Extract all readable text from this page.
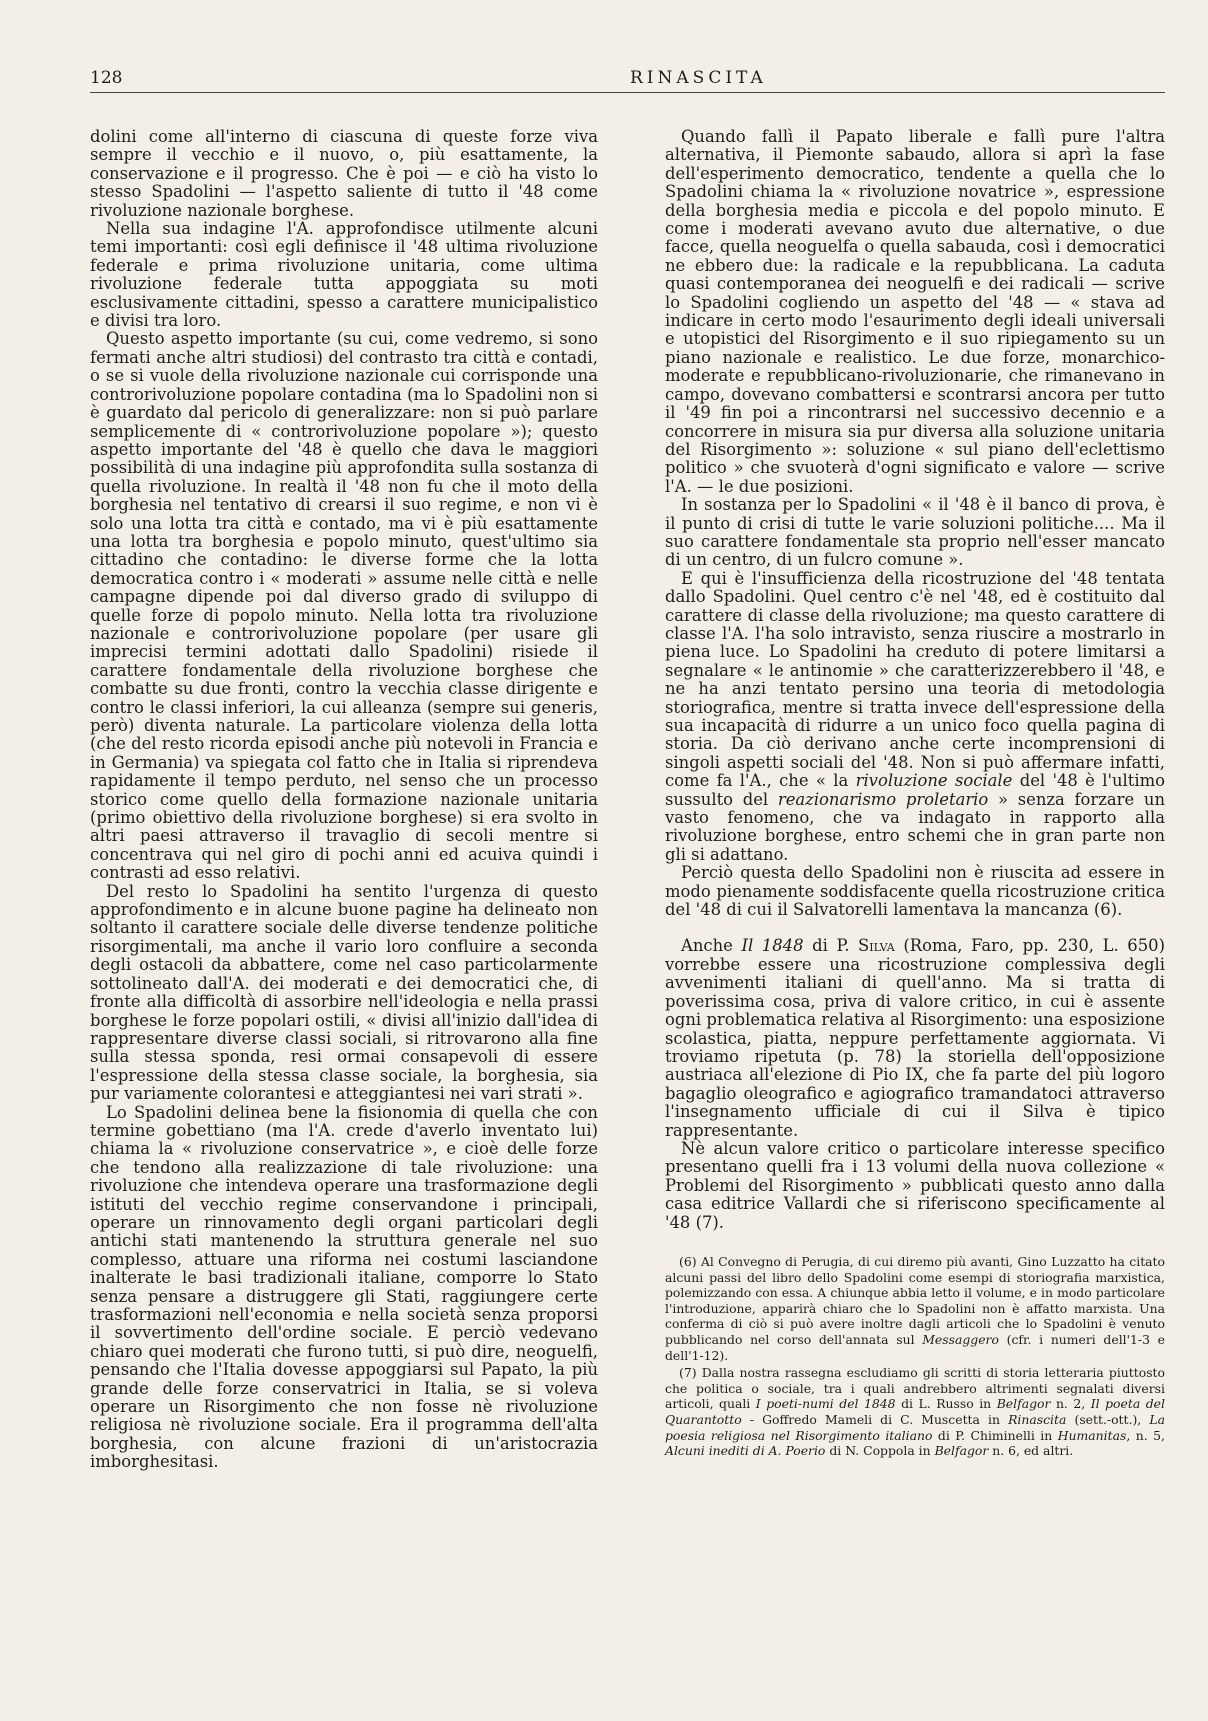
128	RINASCITA

dolini come all'interno di ciascuna di queste forze viva sempre il vecchio e il nuovo, o, più esattamente, la conservazione e il progresso. Che è poi — e ciò ha visto lo stesso Spadolini — l'aspetto saliente di tutto il '48 come rivoluzione nazionale borghese.

Nella sua indagine l'A. approfondisce utilmente alcuni temi importanti: così egli definisce il '48 ultima rivoluzione federale e prima rivoluzione unitaria, come ultima rivoluzione federale tutta appoggiata su moti esclusivamente cittadini, spesso a carattere municipalistico e divisi tra loro.

Questo aspetto importante (su cui, come vedremo, si sono fermati anche altri studiosi) del contrasto tra città e contadi, o se si vuole della rivoluzione nazionale cui corrisponde una controrivoluzione popolare contadina (ma lo Spadolini non si è guardato dal pericolo di generalizzare: non si può parlare semplicemente di « controrivoluzione popolare »); questo aspetto importante del '48 è quello che dava le maggiori possibilità di una indagine più approfondita sulla sostanza di quella rivoluzione. In realtà il '48 non fu che il moto della borghesia nel tentativo di crearsi il suo regime, e non vi è solo una lotta tra città e contado, ma vi è più esattamente una lotta tra borghesia e popolo minuto, quest'ultimo sia cittadino che contadino: le diverse forme che la lotta democratica contro i « moderati » assume nelle città e nelle campagne dipende poi dal diverso grado di sviluppo di quelle forze di popolo minuto. Nella lotta tra rivoluzione nazionale e controrivoluzione popolare (per usare gli imprecisi termini adottati dallo Spadolini) risiede il carattere fondamentale della rivoluzione borghese che combatte su due fronti, contro la vecchia classe dirigente e contro le classi inferiori, la cui alleanza (sempre sui generis, però) diventa naturale. La particolare violenza della lotta (che del resto ricorda episodi anche più notevoli in Francia e in Germania) va spiegata col fatto che in Italia si riprendeva rapidamente il tempo perduto, nel senso che un processo storico come quello della formazione nazionale unitaria (primo obiettivo della rivoluzione borghese) si era svolto in altri paesi attraverso il travaglio di secoli mentre si concentrava qui nel giro di pochi anni ed acuiva quindi i contrasti ad esso relativi.

Del resto lo Spadolini ha sentito l'urgenza di questo approfondimento e in alcune buone pagine ha delineato non soltanto il carattere sociale delle diverse tendenze politiche risorgimentali, ma anche il vario loro confluire a seconda degli ostacoli da abbattere, come nel caso particolarmente sottolineato dall'A. dei moderati e dei democratici che, di fronte alla difficoltà di assorbire nell'ideologia e nella prassi borghese le forze popolari ostili, « divisi all'inizio dall'idea di rappresentare diverse classi sociali, si ritrovarono alla fine sulla stessa sponda, resi ormai consapevoli di essere l'espressione della stessa classe sociale, la borghesia, sia pur variamente colorantesi e atteggiantesi nei vari strati ».

Lo Spadolini delinea bene la fisionomia di quella che con termine gobettiano (ma l'A. crede d'averlo inventato lui) chiama la « rivoluzione conservatrice », e cioè delle forze che tendono alla realizzazione di tale rivoluzione: una rivoluzione che intendeva operare una trasformazione degli istituti del vecchio regime conservandone i principali, operare un rinnovamento degli organi particolari degli antichi stati mantenendo la struttura generale nel suo complesso, attuare una riforma nei costumi lasciandone inalterate le basi tradizionali italiane, comporre lo Stato senza pensare a distruggere gli Stati, raggiungere certe trasformazioni nell'economia e nella società senza proporsi il sovvertimento dell'ordine sociale. E perciò vedevano chiaro quei moderati che furono tutti, si può dire, neoguelfi, pensando che l'Italia dovesse appoggiarsi sul Papato, la più grande delle forze conservatrici in Italia, se si voleva operare un Risorgimento che non fosse nè rivoluzione religiosa nè rivoluzione sociale. Era il programma dell'alta borghesia, con alcune frazioni di un'aristocrazia imborghesitasi.

Quando fallì il Papato liberale e fallì pure l'altra alternativa, il Piemonte sabaudo, allora si aprì la fase dell'esperimento democratico, tendente a quella che lo Spadolini chiama la « rivoluzione novatrice », espressione della borghesia media e piccola e del popolo minuto. E come i moderati avevano avuto due alternative, o due facce, quella neoguelfa o quella sabauda, così i democratici ne ebbero due: la radicale e la repubblicana. La caduta quasi contemporanea dei neoguelfi e dei radicali — scrive lo Spadolini cogliendo un aspetto del '48 — « stava ad indicare in certo modo l'esaurimento degli ideali universali e utopistici del Risorgimento e il suo ripiegamento su un piano nazionale e realistico. Le due forze, monarchico-moderate e repubblicano-rivoluzionarie, che rimanevano in campo, dovevano combattersi e scontrarsi ancora per tutto il '49 fin poi a rincontrarsi nel successivo decennio e a concorrere in misura sia pur diversa alla soluzione unitaria del Risorgimento »: soluzione « sul piano dell'eclettismo politico » che svuoterà d'ogni significato e valore — scrive l'A. — le due posizioni.

In sostanza per lo Spadolini « il '48 è il banco di prova, è il punto di crisi di tutte le varie soluzioni politiche.... Ma il suo carattere fondamentale sta proprio nell'esser mancato di un centro, di un fulcro comune ».

E qui è l'insufficienza della ricostruzione del '48 tentata dallo Spadolini. Quel centro c'è nel '48, ed è costituito dal carattere di classe della rivoluzione; ma questo carattere di classe l'A. l'ha solo intravisto, senza riuscire a mostrarlo in piena luce. Lo Spadolini ha creduto di potere limitarsi a segnalare « le antinomie » che caratterizzerebbero il '48, e ne ha anzi tentato persino una teoria di metodologia storiografica, mentre si tratta invece dell'espressione della sua incapacità di ridurre a un unico foco quella pagina di storia. Da ciò derivano anche certe incomprensioni di singoli aspetti sociali del '48. Non si può affermare infatti, come fa l'A., che « la rivoluzione sociale del '48 è l'ultimo sussulto del reazionarismo proletario » senza forzare un vasto fenomeno, che va indagato in rapporto alla rivoluzione borghese, entro schemi che in gran parte non gli si adattano.

Perciò questa dello Spadolini non è riuscita ad essere in modo pienamente soddisfacente quella ricostruzione critica del '48 di cui il Salvatorelli lamentava la mancanza (6).

Anche Il 1848 di P. Silva (Roma, Faro, pp. 230, L. 650) vorrebbe essere una ricostruzione complessiva degli avvenimenti italiani di quell'anno. Ma si tratta di poverissima cosa, priva di valore critico, in cui è assente ogni problematica relativa al Risorgimento: una esposizione scolastica, piatta, neppure perfettamente aggiornata. Vi troviamo ripetuta (p. 78) la storiella dell'opposizione austriaca all'elezione di Pio IX, che fa parte del più logoro bagaglio oleografico e agiografico tramandatoci attraverso l'insegnamento ufficiale di cui il Silva è tipico rappresentante.

Nè alcun valore critico o particolare interesse specifico presentano quelli fra i 13 volumi della nuova collezione « Problemi del Risorgimento » pubblicati questo anno dalla casa editrice Vallardi che si riferiscono specificamente al '48 (7).

(6) Al Convegno di Perugia, di cui diremo più avanti, Gino Luzzatto ha citato alcuni passi del libro dello Spadolini come esempi di storiografia marxistica, polemizzando con essa. A chiunque abbia letto il volume, e in modo particolare l'introduzione, apparirà chiaro che lo Spadolini non è affatto marxista. Una conferma di ciò si può avere inoltre dagli articoli che lo Spadolini è venuto pubblicando nel corso dell'annata sul Messaggero (cfr. i numeri dell'1-3 e dell'1-12).

(7) Dalla nostra rassegna escludiamo gli scritti di storia letteraria piuttosto che politica o sociale, tra i quali andrebbero altrimenti segnalati diversi articoli, quali I poeti-numi del 1848 di L. Russo in Belfagor n. 2, Il poeta del Quarantotto - Goffredo Mameli di C. Muscetta in Rinascita (sett.-ott.), La poesia religiosa nel Risorgimento italiano di P. Chiminelli in Humanitas, n. 5, Alcuni inediti di A. Poerio di N. Coppola in Belfagor n. 6, ed altri.
